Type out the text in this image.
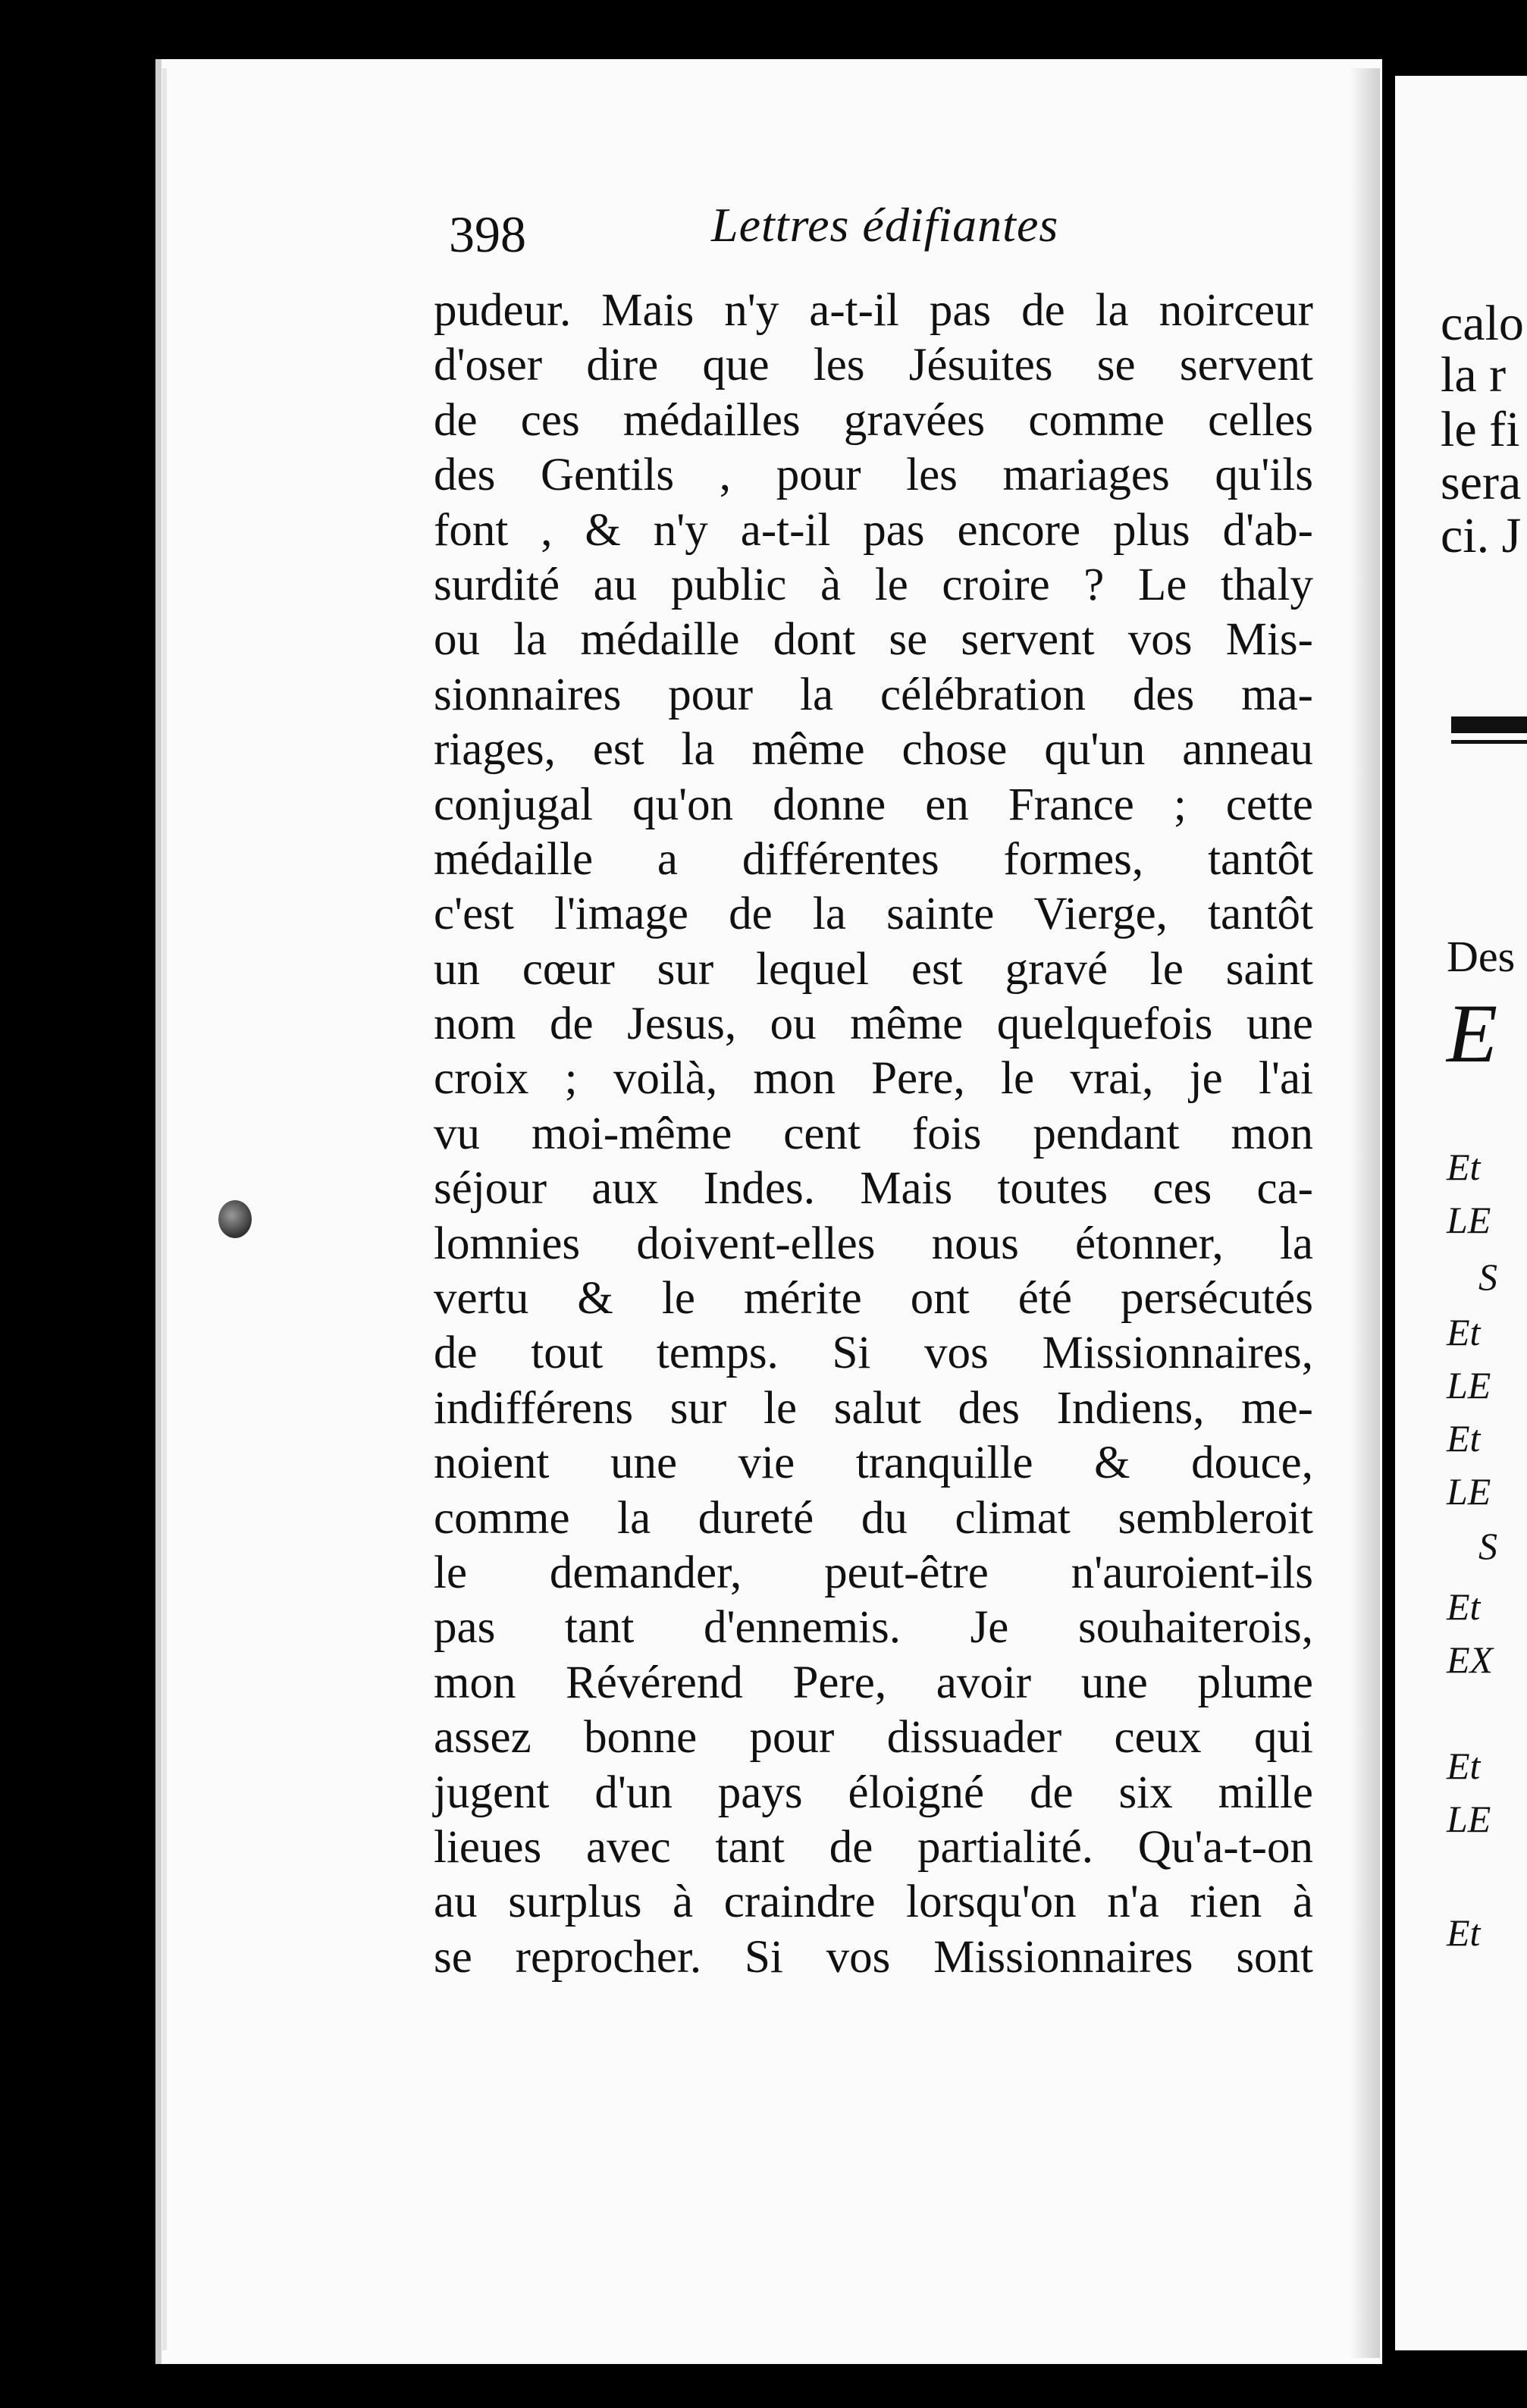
398	Lettres édifiantes
pudeur. Mais n'y a-t-il pas de la noirceur
d'oser dire que les Jésuites se servent
de ces médailles gravées comme celles
des Gentils , pour les mariages qu'ils
font , & n'y a-t-il pas encore plus d'ab-
surdité au public à le croire ? Le thaly
ou la médaille dont se servent vos Mis-
sionnaires pour la célébration des ma-
riages, est la même chose qu'un anneau
conjugal qu'on donne en France ; cette
médaille a différentes formes, tantôt
c'est l'image de la sainte Vierge, tantôt
un cœur sur lequel est gravé le saint
nom de Jesus, ou même quelquefois une
croix ; voilà, mon Pere, le vrai, je l'ai
vu moi-même cent fois pendant mon
séjour aux Indes. Mais toutes ces ca-
lomnies doivent-elles nous étonner, la
vertu & le mérite ont été persécutés
de tout temps. Si vos Missionnaires,
indifférens sur le salut des Indiens, me-
noient une vie tranquille & douce,
comme la dureté du climat sembleroit
le demander, peut-être n'auroient-ils
pas tant d'ennemis. Je souhaiterois,
mon Révérend Pere, avoir une plume
assez bonne pour dissuader ceux qui
jugent d'un pays éloigné de six mille
lieues avec tant de partialité. Qu'a-t-on
au surplus à craindre lorsqu'on n'a rien à
se reprocher. Si vos Missionnaires sont
calo
la r
le fi
sera
ci. J
Des
E
Et
LE
S
Et
LE
Et
LE
S
Et
EX
Et
LE
Et
